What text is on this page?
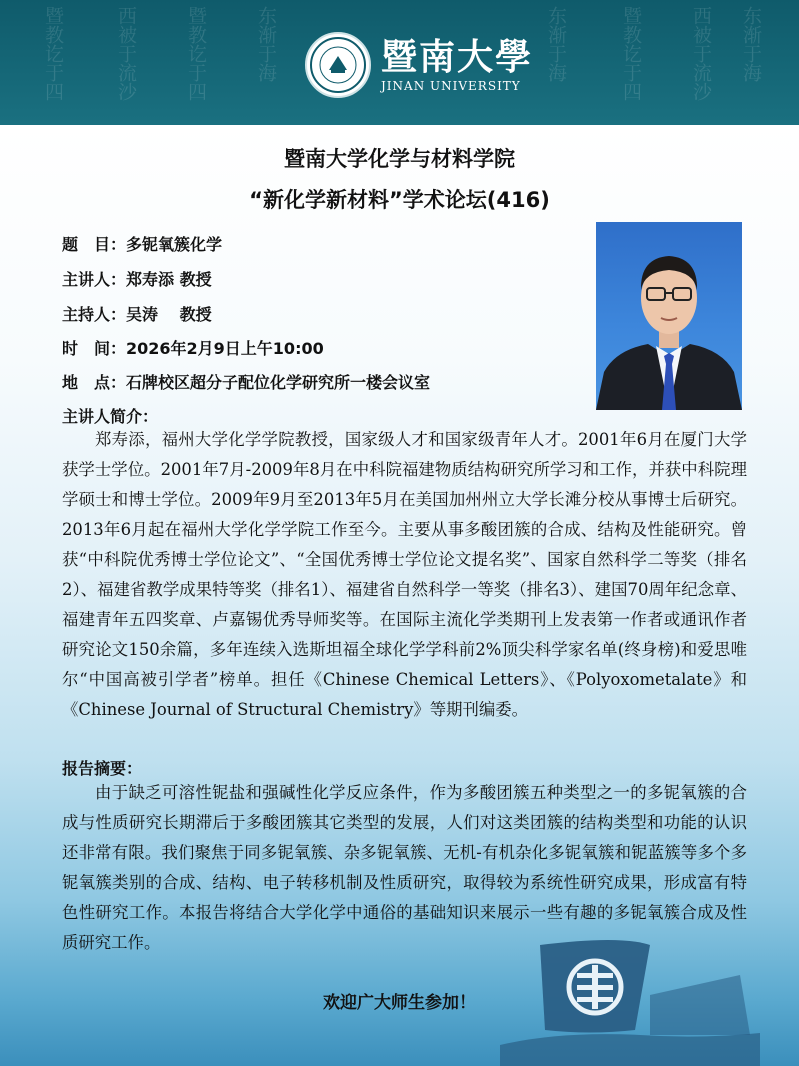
暨教讫于四	西被于流沙	暨教讫于四	东渐于海	东渐于海	暨教讫于四	西被于流沙 东渐于海
暨南大學
JINAN UNIVERSITY
暨南大学化学与材料学院
“新化学新材料”学术论坛(416)
题　目：多铌氧簇化学
主讲人：郑寿添 教授
主持人：吴涛　 教授
时　间：2026年2月9日上午10:00
地　点：石牌校区超分子配位化学研究所一楼会议室
主讲人简介：
郑寿添，福州大学化学学院教授，国家级人才和国家级青年人才。2001年6月在厦门大学获学士学位。2001年7月-2009年8月在中科院福建物质结构研究所学习和工作，并获中科院理学硕士和博士学位。2009年9月至2013年5月在美国加州州立大学长滩分校从事博士后研究。2013年6月起在福州大学化学学院工作至今。主要从事多酸团簇的合成、结构及性能研究。曾获“中科院优秀博士学位论文”、“全国优秀博士学位论文提名奖”、国家自然科学二等奖（排名2）、福建省教学成果特等奖（排名1）、福建省自然科学一等奖（排名3）、建国70周年纪念章、福建青年五四奖章、卢嘉锡优秀导师奖等。在国际主流化学类期刊上发表第一作者或通讯作者研究论文150余篇，多年连续入选斯坦福全球化学学科前2%顶尖科学家名单(终身榜)和爱思唯尔“中国高被引学者”榜单。担任《Chinese Chemical Letters》、《Polyoxometalate》和《Chinese Journal of Structural Chemistry》等期刊编委。
报告摘要：
由于缺乏可溶性铌盐和强碱性化学反应条件，作为多酸团簇五种类型之一的多铌氧簇的合成与性质研究长期滞后于多酸团簇其它类型的发展，人们对这类团簇的结构类型和功能的认识还非常有限。我们聚焦于同多铌氧簇、杂多铌氧簇、无机-有机杂化多铌氧簇和铌蓝簇等多个多铌氧簇类别的合成、结构、电子转移机制及性质研究，取得较为系统性研究成果，形成富有特色性研究工作。本报告将结合大学化学中通俗的基础知识来展示一些有趣的多铌氧簇合成及性质研究工作。
欢迎广大师生参加！
